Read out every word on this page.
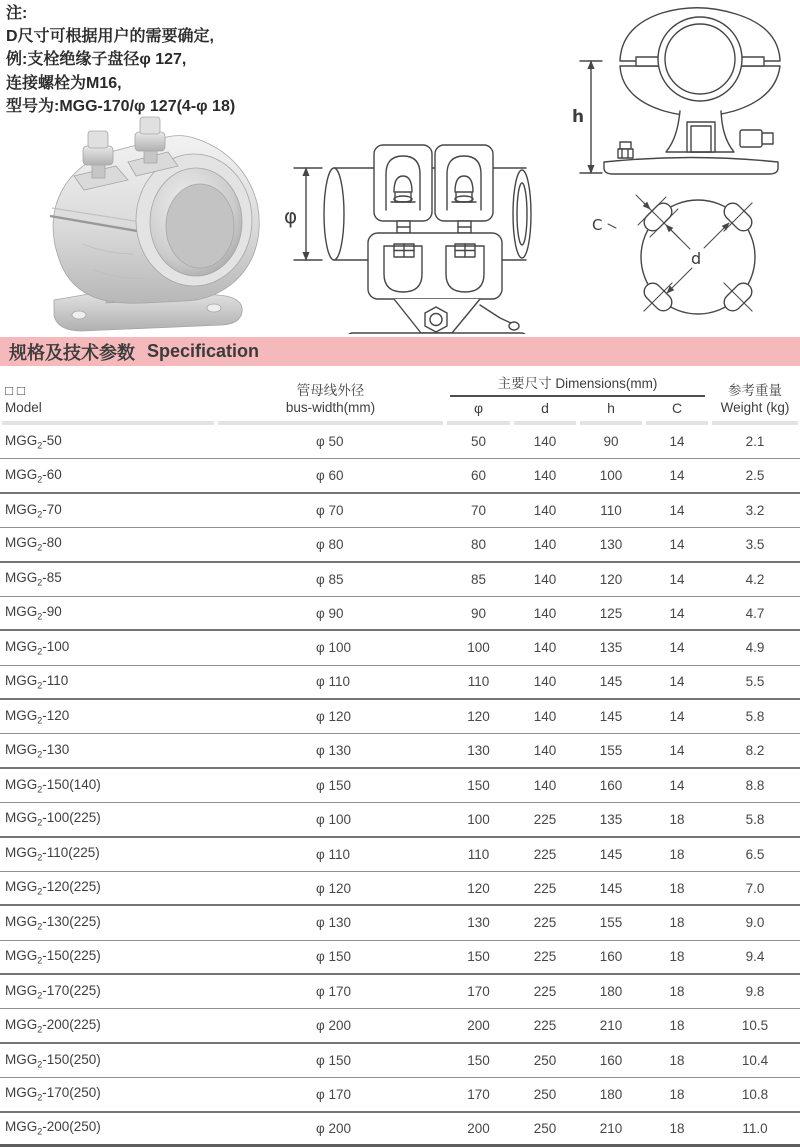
注:
D尺寸可根据用户的需要确定,
例:支栓绝缘子盘径φ 127,
连接螺栓为M16,
型号为:MGG-170/φ 127(4-φ 18)
φ
h
d
C
规格及技术参数 Specification
□ □
Model
管母线外径
bus-width(mm)
主要尺寸 Dimensions(mm)
φ	d	h	C
参考重量
Weight (kg)
$MGG_2-50$	φ 50	50	140	90	14	2.1
$MGG_2-60$	φ 60	60	140	100	14	2.5
$MGG_2-70$	φ 70	70	140	110	14	3.2
$MGG_2-80$	φ 80	80	140	130	14	3.5
$MGG_2-85$	φ 85	85	140	120	14	4.2
$MGG_2-90$	φ 90	90	140	125	14	4.7
$MGG_2-100$	φ 100	100	140	135	14	4.9
$MGG_2-110$	φ 110	110	140	145	14	5.5
$MGG_2-120$	φ 120	120	140	145	14	5.8
$MGG_2-130$	φ 130	130	140	155	14	8.2
$MGG_2-150(140)$	φ 150	150	140	160	14	8.8
$MGG_2-100(225)$	φ 100	100	225	135	18	5.8
$MGG_2-110(225)$	φ 110	110	225	145	18	6.5
$MGG_2-120(225)$	φ 120	120	225	145	18	7.0
$MGG_2-130(225)$	φ 130	130	225	155	18	9.0
$MGG_2-150(225)$	φ 150	150	225	160	18	9.4
$MGG_2-170(225)$	φ 170	170	225	180	18	9.8
$MGG_2-200(225)$	φ 200	200	225	210	18	10.5
$MGG_2-150(250)$	φ 150	150	250	160	18	10.4
$MGG_2-170(250)$	φ 170	170	250	180	18	10.8
$MGG_2-200(250)$	φ 200	200	250	210	18	11.0
